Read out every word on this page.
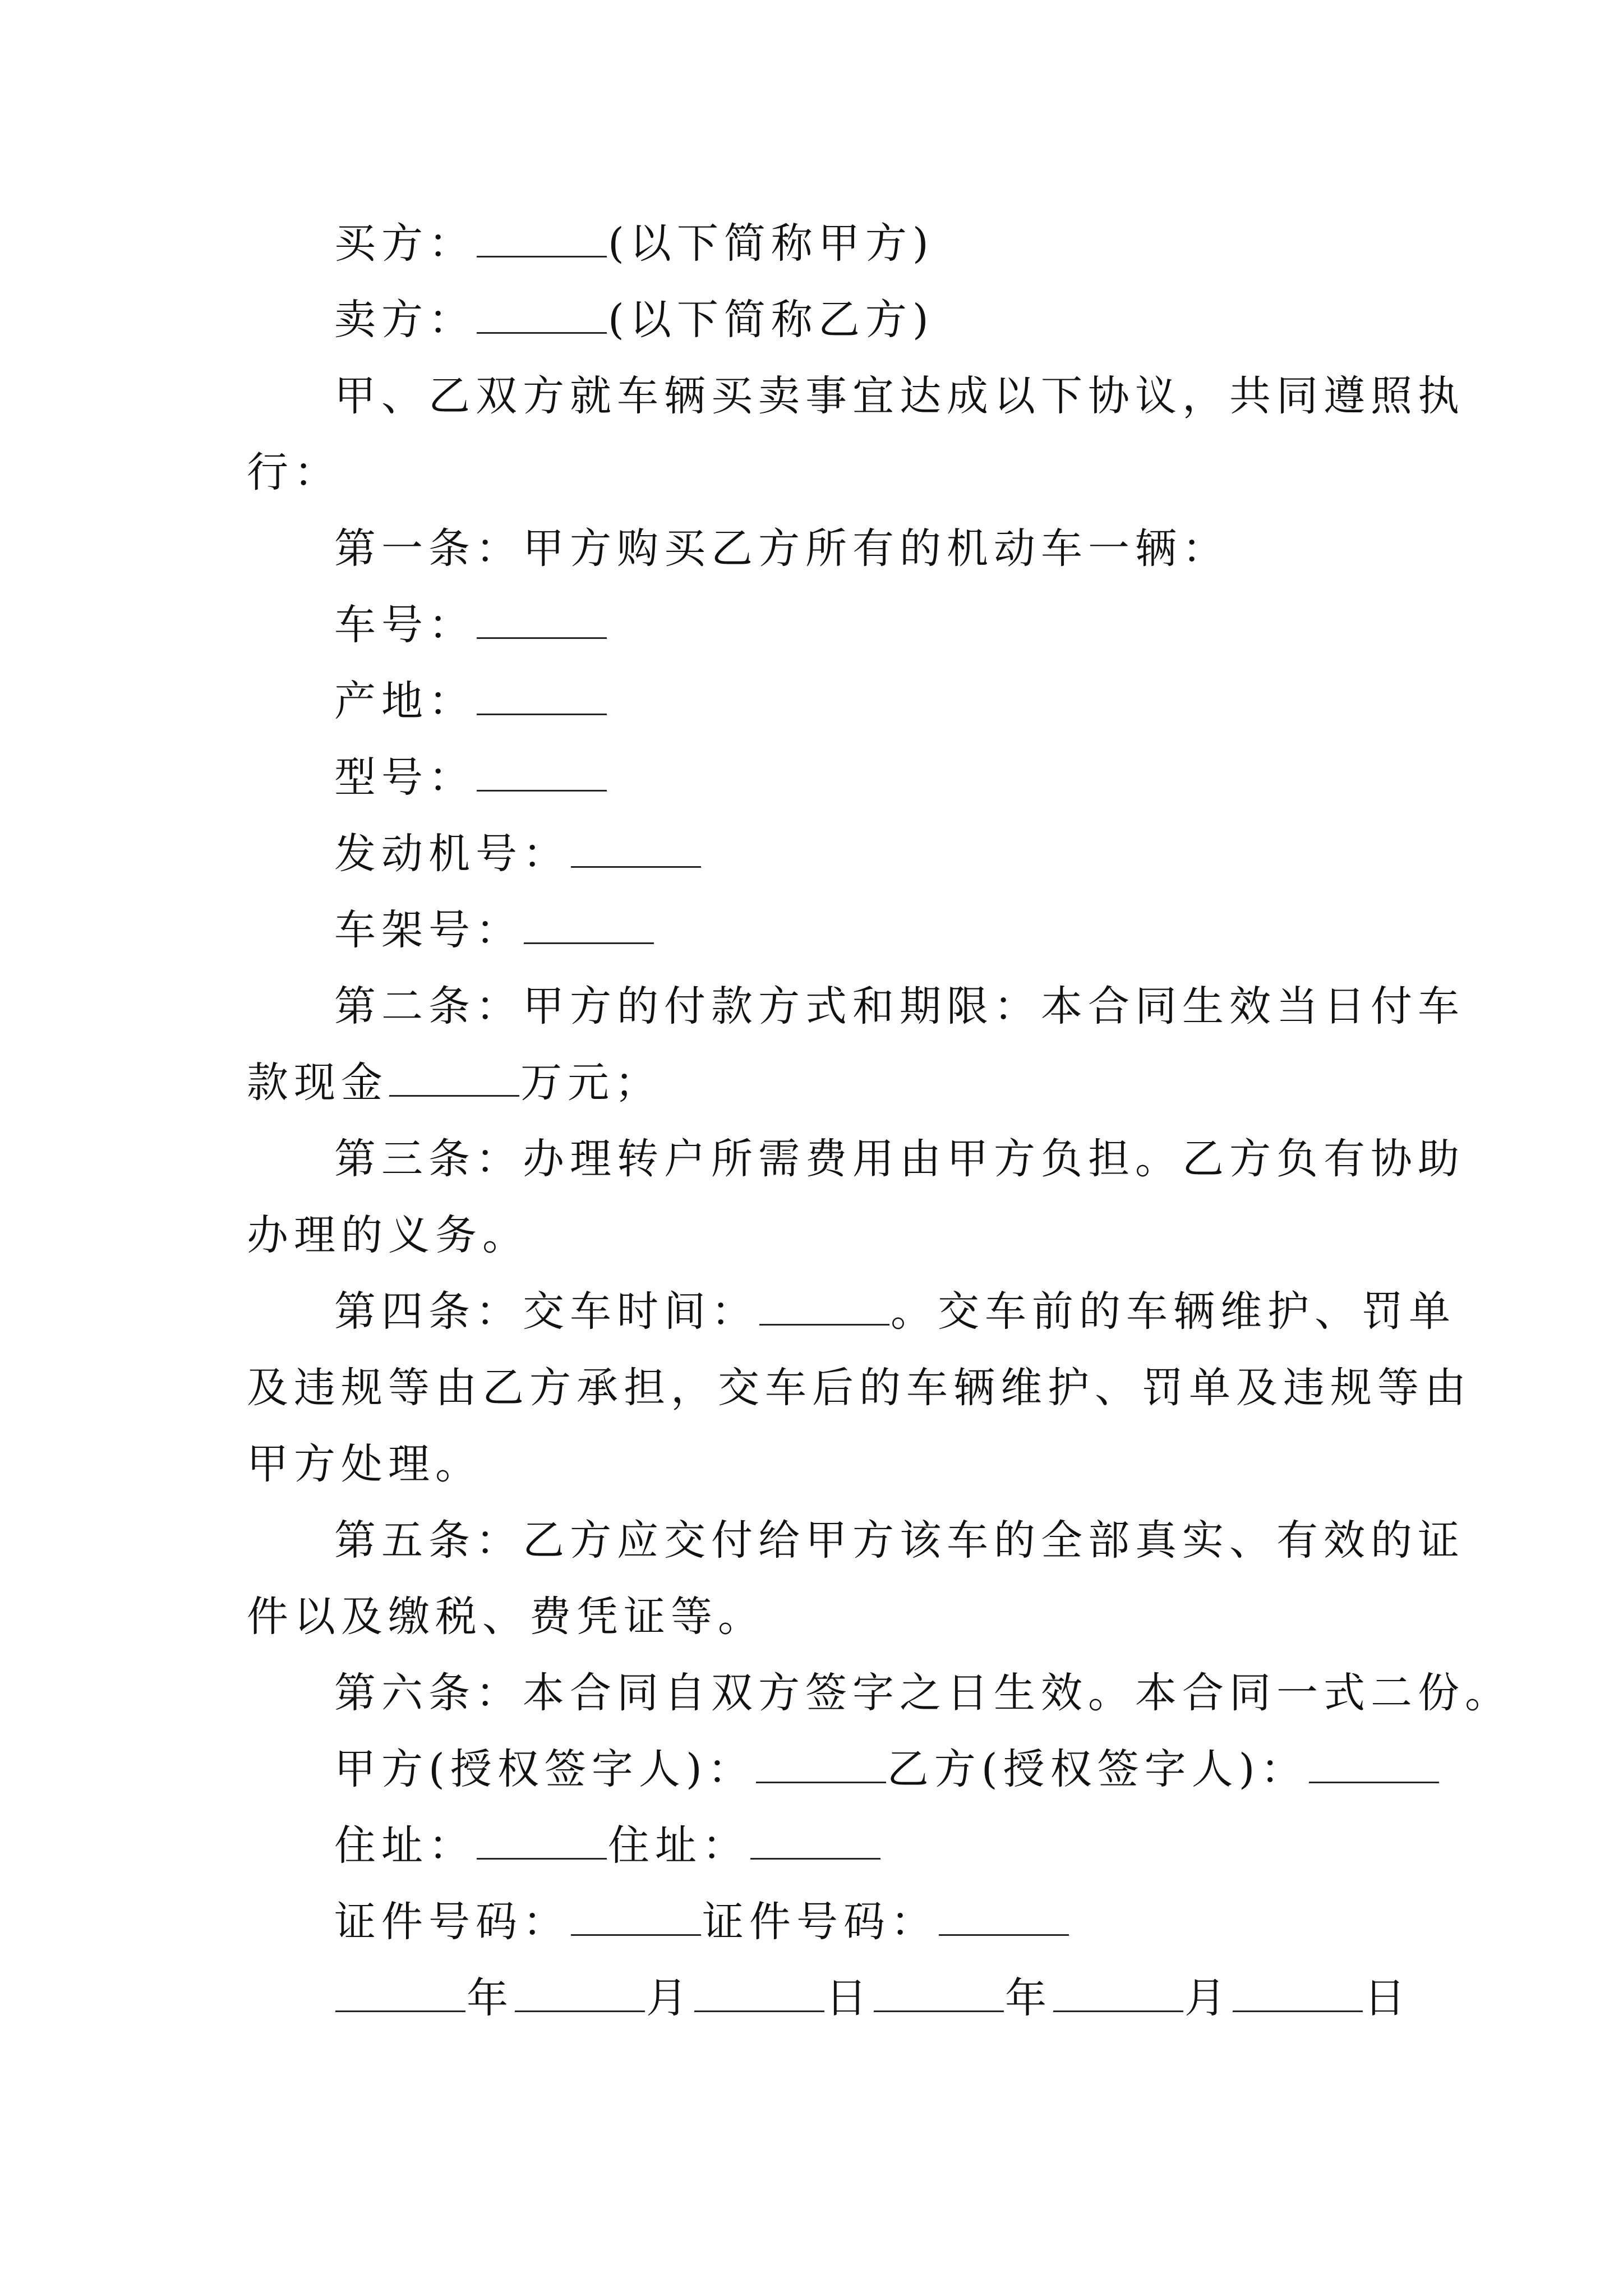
买方：	(以下简称甲方)
卖方：	(以下简称乙方)
甲、乙双方就车辆买卖事宜达成以下协议，共同遵照执
行：
第一条：甲方购买乙方所有的机动车一辆：
车号：
产地：
型号：
发动机号：
车架号：
第二条：甲方的付款方式和期限：本合同生效当日付车
款现金	万元；
第三条：办理转户所需费用由甲方负担。乙方负有协助
办理的义务。
第四条：交车时间：	。交车前的车辆维护、罚单
及违规等由乙方承担，交车后的车辆维护、罚单及违规等由
甲方处理。
第五条：乙方应交付给甲方该车的全部真实、有效的证
件以及缴税、费凭证等。
第六条：本合同自双方签字之日生效。本合同一式二份。
甲方(授权签字人)：	乙方(授权签字人)：
住址：	住址：
证件号码：	证件号码：
年	月	日	年	月	日
